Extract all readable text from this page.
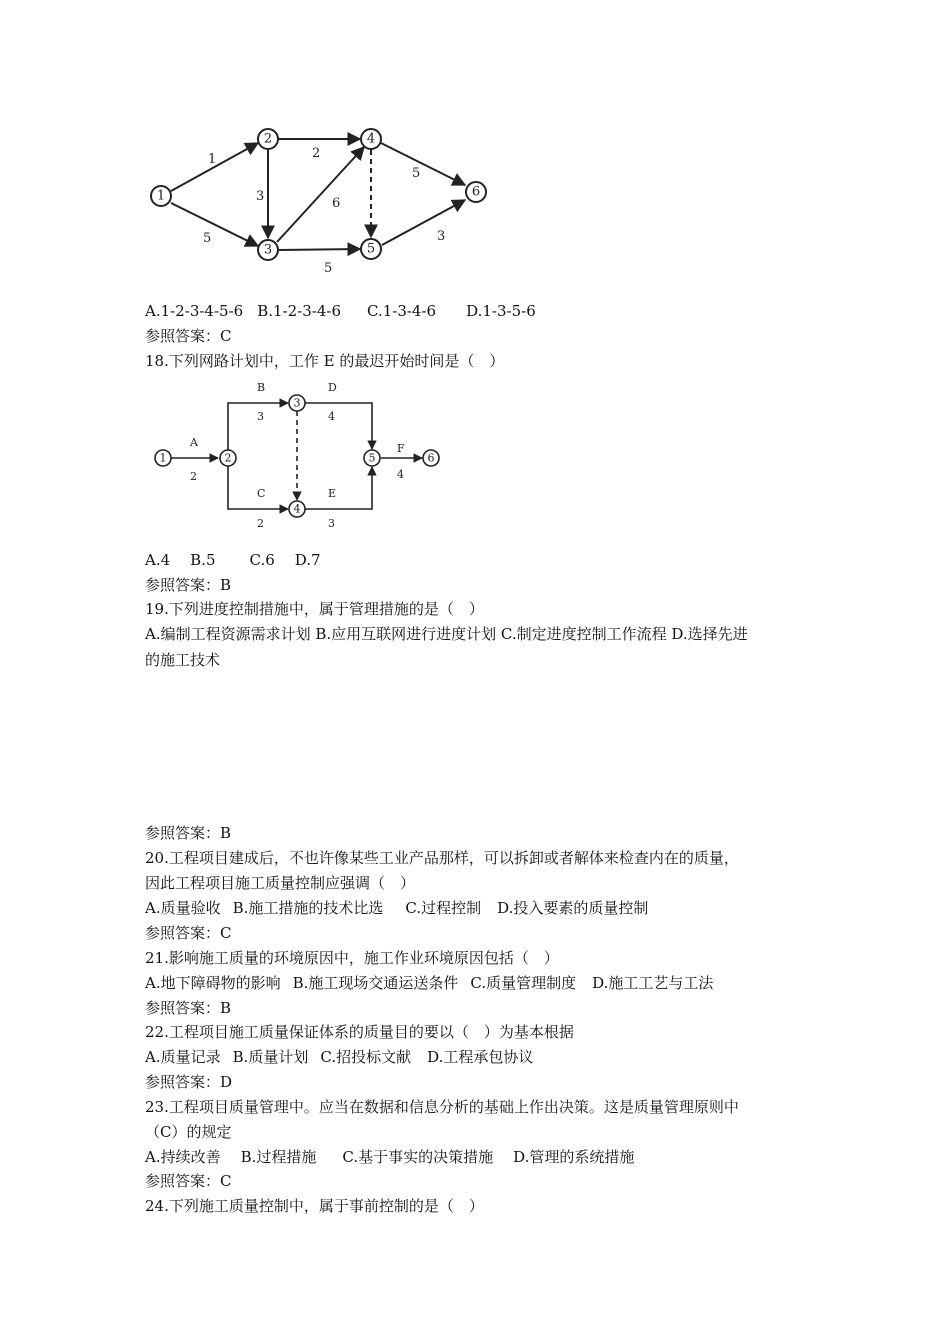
1
2
3
4
5
6
1
5
2
3	6
5
5
3
A.1-2-3-4-5-6 B.1-2-3-4-6 C.1-3-4-6 D.1-3-5-6
参照答案：C
18.下列网路计划中，工作 E 的最迟开始时间是（　）
1	2
3
4
5	6
A
2
B
3
C
2
D
4
E
3
F
4
A.4 B.5 C.6 D.7
参照答案：B
19.下列进度控制措施中，属于管理措施的是（　）
A.编制工程资源需求计划 B.应用互联网进行进度计划 C.制定进度控制工作流程 D.选择先进
的施工技术
参照答案：B
20.工程项目建成后，不也许像某些工业产品那样，可以拆卸或者解体来检查内在的质量，
因此工程项目施工质量控制应强调（　）
A.质量验收 B.施工措施的技术比选 C.过程控制 D.投入要素的质量控制
参照答案：C
21.影响施工质量的环境原因中，施工作业环境原因包括（　）
A.地下障碍物的影响 B.施工现场交通运送条件 C.质量管理制度 D.施工工艺与工法
参照答案：B
22.工程项目施工质量保证体系的质量目的要以（　）为基本根据
A.质量记录 B.质量计划 C.招投标文献 D.工程承包协议
参照答案：D
23.工程项目质量管理中。应当在数据和信息分析的基础上作出决策。这是质量管理原则中
（C）的规定
A.持续改善 B.过程措施 C.基于事实的决策措施 D.管理的系统措施
参照答案：C
24.下列施工质量控制中，属于事前控制的是（　）
